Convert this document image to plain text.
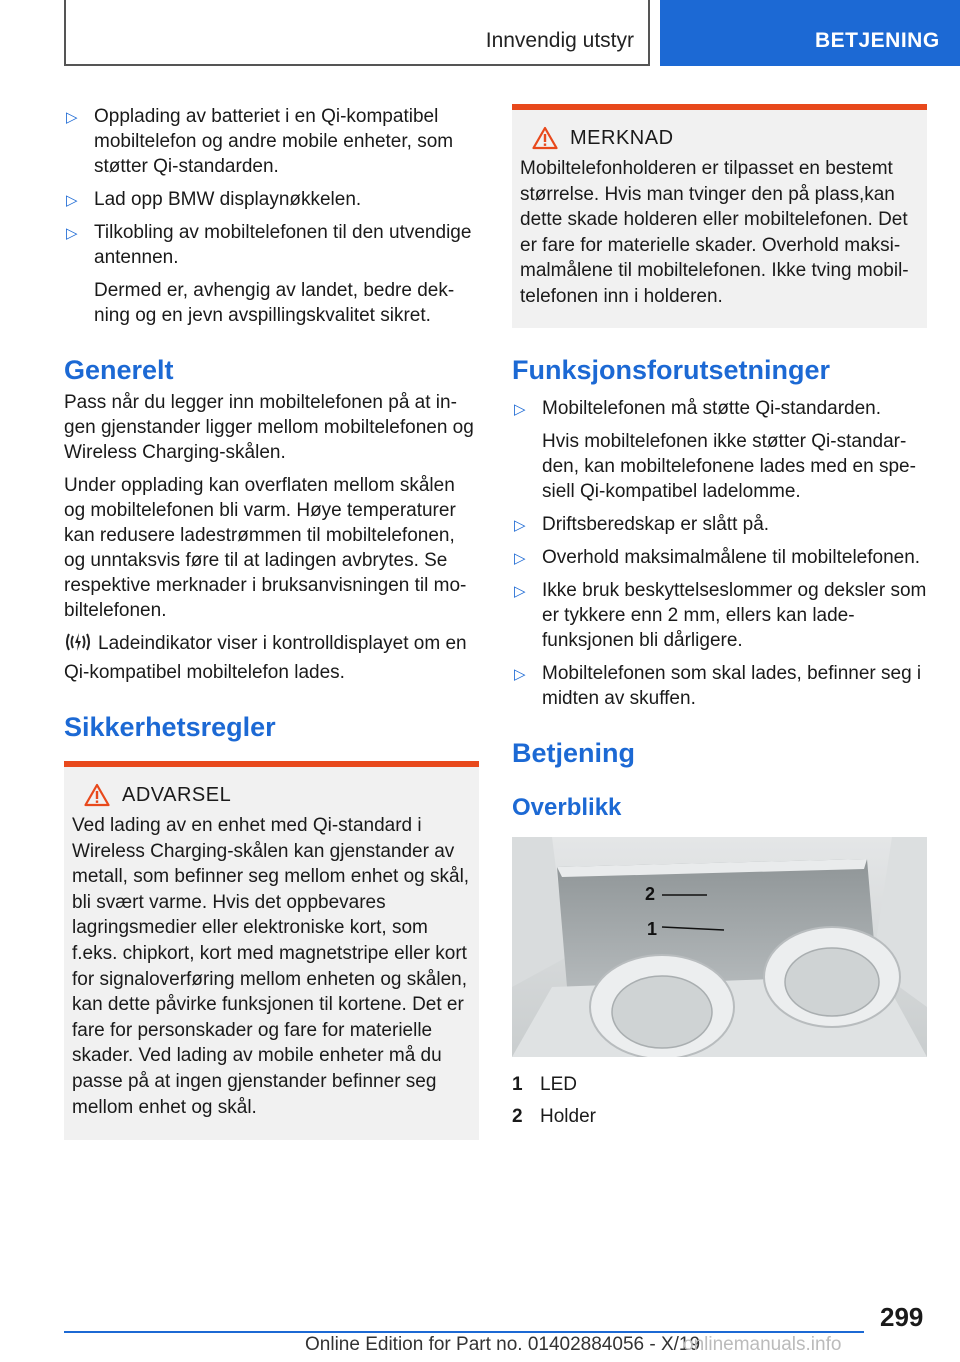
Innvendig utstyr	BETJENING
▷ Opplading av batteriet i en Qi-kompatibel mobiltelefon og andre mobile enheter, som støtter Qi-standarden.
▷ Lad opp BMW displaynøkkelen.
▷ Tilkobling av mobiltelefonen til den utvendige antennen.
Dermed er, avhengig av landet, bedre dekning og en jevn avspillingskvalitet sikret.
Generelt

Pass når du legger inn mobiltelefonen på at ingen gjenstander ligger mellom mobiltelefonen og Wireless Charging-skålen.

Under opplading kan overflaten mellom skålen og mobiltelefonen bli varm. Høye temperaturer kan redusere ladestrømmen til mobiltelefonen, og unntaksvis føre til at ladingen avbrytes. Se respektive merknader i bruksanvisningen til mobiltelefonen.

Ladeindikator viser i kontrolldisplayet om en Qi-kompatibel mobiltelefon lades.

Sikkerhetsregler
ADVARSEL
Ved lading av en enhet med Qi-standard i Wireless Charging-skålen kan gjenstander av metall, som befinner seg mellom enhet og skål, bli svært varme. Hvis det oppbevares lagringsmedier eller elektroniske kort, som f.eks. chipkort, kort med magnetstripe eller kort for signaloverføring mellom enheten og skålen, kan dette påvirke funksjonen til kortene. Det er fare for personskader og fare for materielle skader. Ved lading av mobile enheter må du passe på at ingen gjenstander befinner seg mellom enhet og skål.
MERKNAD
Mobiltelefonholderen er tilpasset en bestemt størrelse. Hvis man tvinger den på plass,kan dette skade holderen eller mobiltelefonen. Det er fare for materielle skader. Overhold maksimalmålene til mobiltelefonen. Ikke tving mobiltelefonen inn i holderen.
Funksjonsforutsetninger
▷ Mobiltelefonen må støtte Qi-standarden.
Hvis mobiltelefonen ikke støtter Qi-standarden, kan mobiltelefonene lades med en spesiell Qi-kompatibel ladelomme.
▷ Driftsberedskap er slått på.
▷ Overhold maksimalmålene til mobiltelefonen.
▷ Ikke bruk beskyttelseslommer og deksler som er tykkere enn 2 mm, ellers kan ladefunksjonen bli dårligere.
▷ Mobiltelefonen som skal lades, befinner seg i midten av skuffen.
Betjening
Overblikk
2
1
1 LED
2 Holder
299
Online Edition for Part no. 01402884056 - X/19
onlinemanuals.info
